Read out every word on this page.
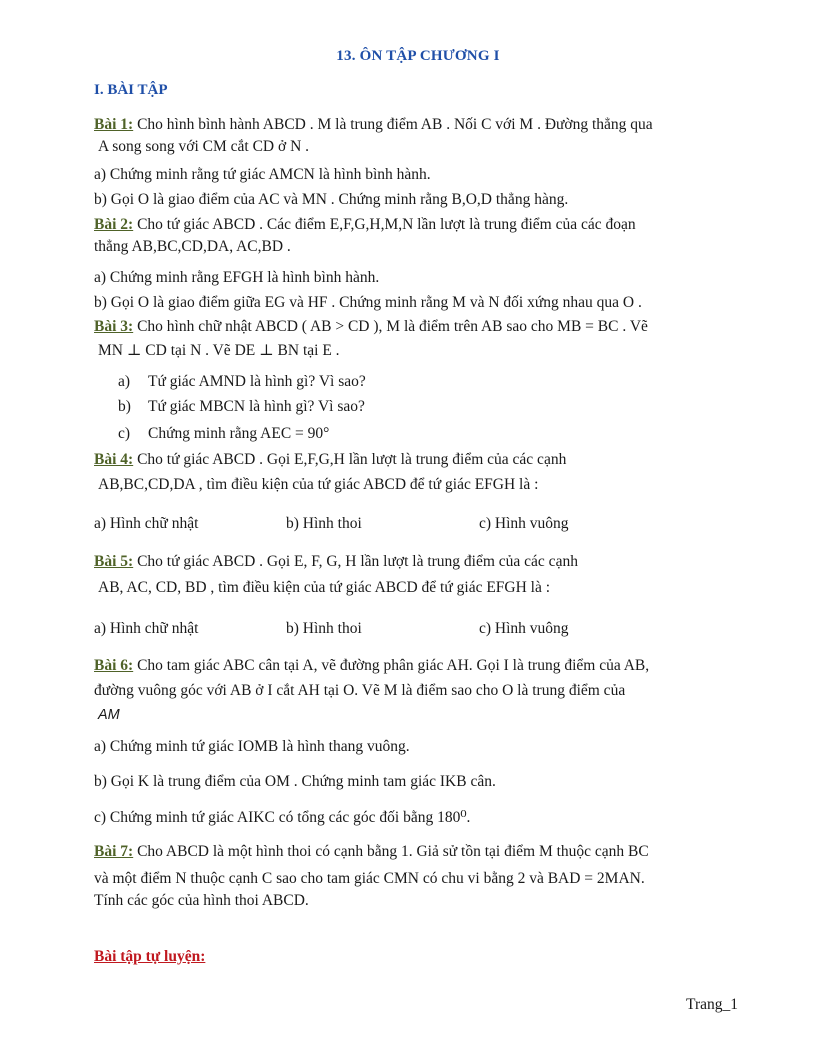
13. ÔN TẬP CHƯƠNG I
I. BÀI TẬP
Bài 1: Cho hình bình hành ABCD . M là trung điểm AB . Nối C với M . Đường thẳng qua
A song song với CM cắt CD ở N .
a) Chứng minh rằng tứ giác AMCN là hình bình hành.
b) Gọi O là giao điểm của AC và MN . Chứng minh rằng B,O,D thẳng hàng.
Bài 2: Cho tứ giác ABCD . Các điểm E,F,G,H,M,N lần lượt là trung điểm của các đoạn
thẳng AB,BC,CD,DA, AC,BD .
a) Chứng minh rằng EFGH là hình bình hành.
b) Gọi O là giao điểm giữa EG và HF . Chứng minh rằng M và N đối xứng nhau qua O .
Bài 3: Cho hình chữ nhật ABCD ( AB > CD ), M là điểm trên AB sao cho MB = BC . Vẽ
MN ⊥ CD tại N . Vẽ DE ⊥ BN tại E .
a) Tứ giác AMND là hình gì? Vì sao?
b) Tứ giác MBCN là hình gì? Vì sao?
c) Chứng minh rằng AEC = 90°
Bài 4: Cho tứ giác ABCD . Gọi E,F,G,H lần lượt là trung điểm của các cạnh
AB,BC,CD,DA , tìm điều kiện của tứ giác ABCD để tứ giác EFGH là :
a) Hình chữ nhật	b) Hình thoi	c) Hình vuông
Bài 5: Cho tứ giác ABCD . Gọi E, F, G, H lần lượt là trung điểm của các cạnh
AB, AC, CD, BD , tìm điều kiện của tứ giác ABCD để tứ giác EFGH là :
a) Hình chữ nhật	b) Hình thoi	c) Hình vuông
Bài 6: Cho tam giác ABC cân tại A, vẽ đường phân giác AH. Gọi I là trung điểm của AB,
đường vuông góc với AB ở I cắt AH tại O. Vẽ M là điểm sao cho O là trung điểm của
AM
a) Chứng minh tứ giác IOMB là hình thang vuông.
b) Gọi K là trung điểm của OM . Chứng minh tam giác IKB cân.
c) Chứng minh tứ giác AIKC có tổng các góc đối bằng 180⁰.
Bài 7: Cho ABCD là một hình thoi có cạnh bằng 1. Giả sử tồn tại điểm M thuộc cạnh BC
và một điểm N thuộc cạnh C sao cho tam giác CMN có chu vi bằng 2 và BAD = 2MAN.
Tính các góc của hình thoi ABCD.
Bài tập tự luyện:
Trang_1
